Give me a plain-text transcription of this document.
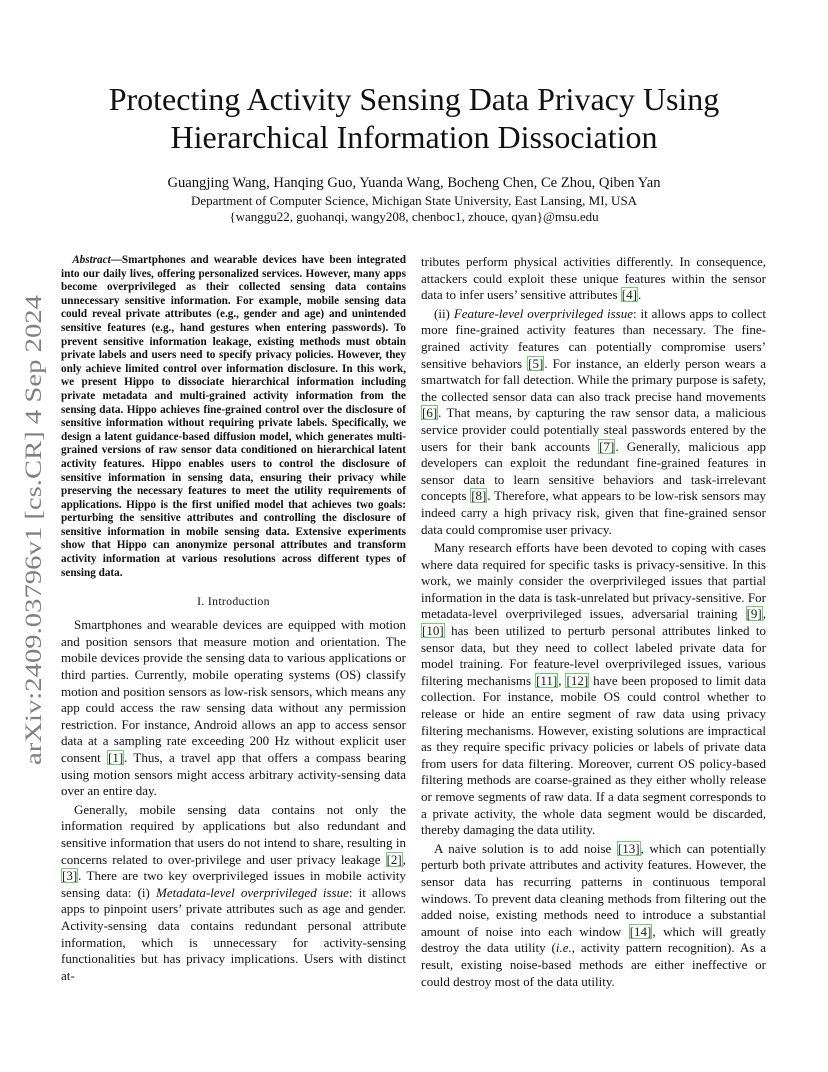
arXiv:2409.03796v1 [cs.CR] 4 Sep 2024
Protecting Activity Sensing Data Privacy Using
Hierarchical Information Dissociation
Guangjing Wang, Hanqing Guo, Yuanda Wang, Bocheng Chen, Ce Zhou, Qiben Yan
Department of Computer Science, Michigan State University, East Lansing, MI, USA
{wanggu22, guohanqi, wangy208, chenboc1, zhouce, qyan}@msu.edu

Abstract—Smartphones and wearable devices have been integrated into our daily lives, offering personalized services. However, many apps become overprivileged as their collected sensing data contains unnecessary sensitive information. For example, mobile sensing data could reveal private attributes (e.g., gender and age) and unintended sensitive features (e.g., hand gestures when entering passwords). To prevent sensitive information leakage, existing methods must obtain private labels and users need to specify privacy policies. However, they only achieve limited control over information disclosure. In this work, we present Hippo to dissociate hierarchical information including private metadata and multi-grained activity information from the sensing data. Hippo achieves fine-grained control over the disclosure of sensitive information without requiring private labels. Specifically, we design a latent guidance-based diffusion model, which generates multi-grained versions of raw sensor data conditioned on hierarchical latent activity features. Hippo enables users to control the disclosure of sensitive information in sensing data, ensuring their privacy while preserving the necessary features to meet the utility requirements of applications. Hippo is the first unified model that achieves two goals: perturbing the sensitive attributes and controlling the disclosure of sensitive information in mobile sensing data. Extensive experiments show that Hippo can anonymize personal attributes and transform activity information at various resolutions across different types of sensing data.

I. Introduction

Smartphones and wearable devices are equipped with motion and position sensors that measure motion and orientation. The mobile devices provide the sensing data to various applications or third parties. Currently, mobile operating systems (OS) classify motion and position sensors as low-risk sensors, which means any app could access the raw sensing data without any permission restriction. For instance, Android allows an app to access sensor data at a sampling rate exceeding 200 Hz without explicit user consent [1]. Thus, a travel app that offers a compass bearing using motion sensors might access arbitrary activity-sensing data over an entire day.

Generally, mobile sensing data contains not only the information required by applications but also redundant and sensitive information that users do not intend to share, resulting in concerns related to over-privilege and user privacy leakage [2], [3]. There are two key overprivileged issues in mobile activity sensing data: (i) Metadata-level overprivileged issue: it allows apps to pinpoint users’ private attributes such as age and gender. Activity-sensing data contains redundant personal attribute information, which is unnecessary for activity-sensing functionalities but has privacy implications. Users with distinct at-

tributes perform physical activities differently. In consequence, attackers could exploit these unique features within the sensor data to infer users’ sensitive attributes [4].

(ii) Feature-level overprivileged issue: it allows apps to collect more fine-grained activity features than necessary. The fine-grained activity features can potentially compromise users’ sensitive behaviors [5]. For instance, an elderly person wears a smartwatch for fall detection. While the primary purpose is safety, the collected sensor data can also track precise hand movements [6]. That means, by capturing the raw sensor data, a malicious service provider could potentially steal passwords entered by the users for their bank accounts [7]. Generally, malicious app developers can exploit the redundant fine-grained features in sensor data to learn sensitive behaviors and task-irrelevant concepts [8]. Therefore, what appears to be low-risk sensors may indeed carry a high privacy risk, given that fine-grained sensor data could compromise user privacy.

Many research efforts have been devoted to coping with cases where data required for specific tasks is privacy-sensitive. In this work, we mainly consider the overprivileged issues that partial information in the data is task-unrelated but privacy-sensitive. For metadata-level overprivileged issues, adversarial training [9], [10] has been utilized to perturb personal attributes linked to sensor data, but they need to collect labeled private data for model training. For feature-level overprivileged issues, various filtering mechanisms [11], [12] have been proposed to limit data collection. For instance, mobile OS could control whether to release or hide an entire segment of raw data using privacy filtering mechanisms. However, existing solutions are impractical as they require specific privacy policies or labels of private data from users for data filtering. Moreover, current OS policy-based filtering methods are coarse-grained as they either wholly release or remove segments of raw data. If a data segment corresponds to a private activity, the whole data segment would be discarded, thereby damaging the data utility.

A naive solution is to add noise [13], which can potentially perturb both private attributes and activity features. However, the sensor data has recurring patterns in continuous temporal windows. To prevent data cleaning methods from filtering out the added noise, existing methods need to introduce a substantial amount of noise into each window [14], which will greatly destroy the data utility (i.e., activity pattern recognition). As a result, existing noise-based methods are either ineffective or could destroy most of the data utility.
